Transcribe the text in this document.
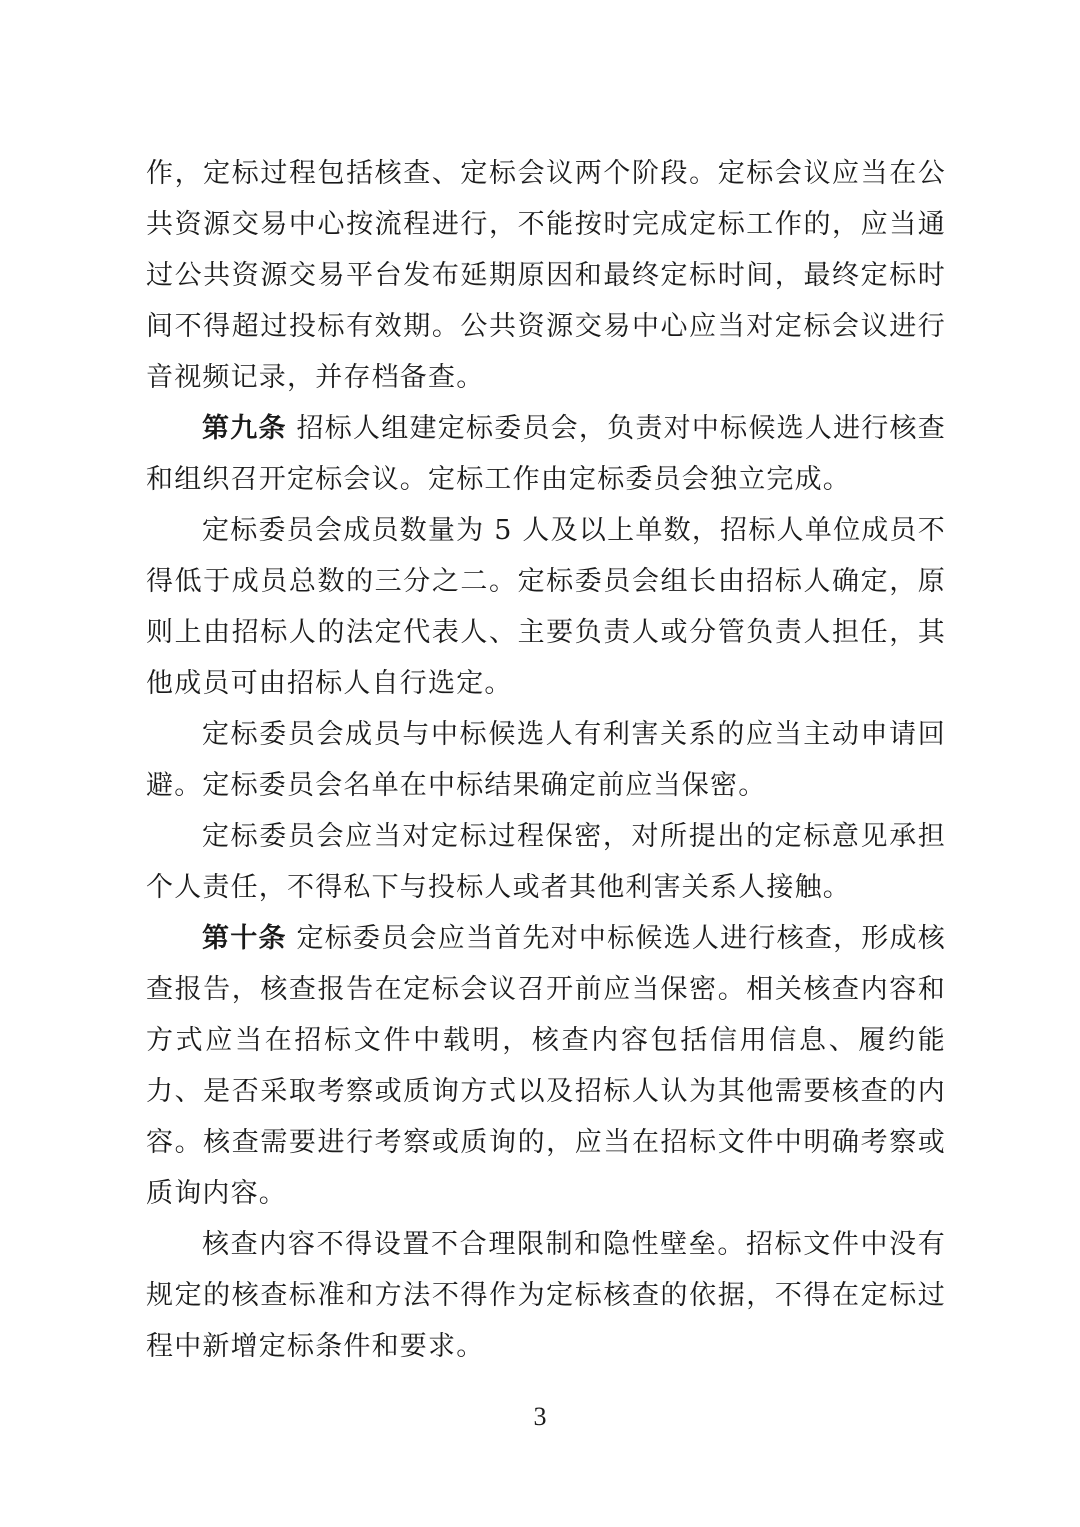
作，定标过程包括核查、定标会议两个阶段。定标会议应当在公共资源交易中心按流程进行，不能按时完成定标工作的，应当通过公共资源交易平台发布延期原因和最终定标时间，最终定标时间不得超过投标有效期。公共资源交易中心应当对定标会议进行音视频记录，并存档备查。

第九条 招标人组建定标委员会，负责对中标候选人进行核查和组织召开定标会议。定标工作由定标委员会独立完成。

定标委员会成员数量为 5 人及以上单数，招标人单位成员不得低于成员总数的三分之二。定标委员会组长由招标人确定，原则上由招标人的法定代表人、主要负责人或分管负责人担任，其他成员可由招标人自行选定。

定标委员会成员与中标候选人有利害关系的应当主动申请回避。定标委员会名单在中标结果确定前应当保密。

定标委员会应当对定标过程保密，对所提出的定标意见承担个人责任，不得私下与投标人或者其他利害关系人接触。

第十条 定标委员会应当首先对中标候选人进行核查，形成核查报告，核查报告在定标会议召开前应当保密。相关核查内容和方式应当在招标文件中载明，核查内容包括信用信息、履约能力、是否采取考察或质询方式以及招标人认为其他需要核查的内容。核查需要进行考察或质询的，应当在招标文件中明确考察或质询内容。

核查内容不得设置不合理限制和隐性壁垒。招标文件中没有规定的核查标准和方法不得作为定标核查的依据，不得在定标过程中新增定标条件和要求。

3
